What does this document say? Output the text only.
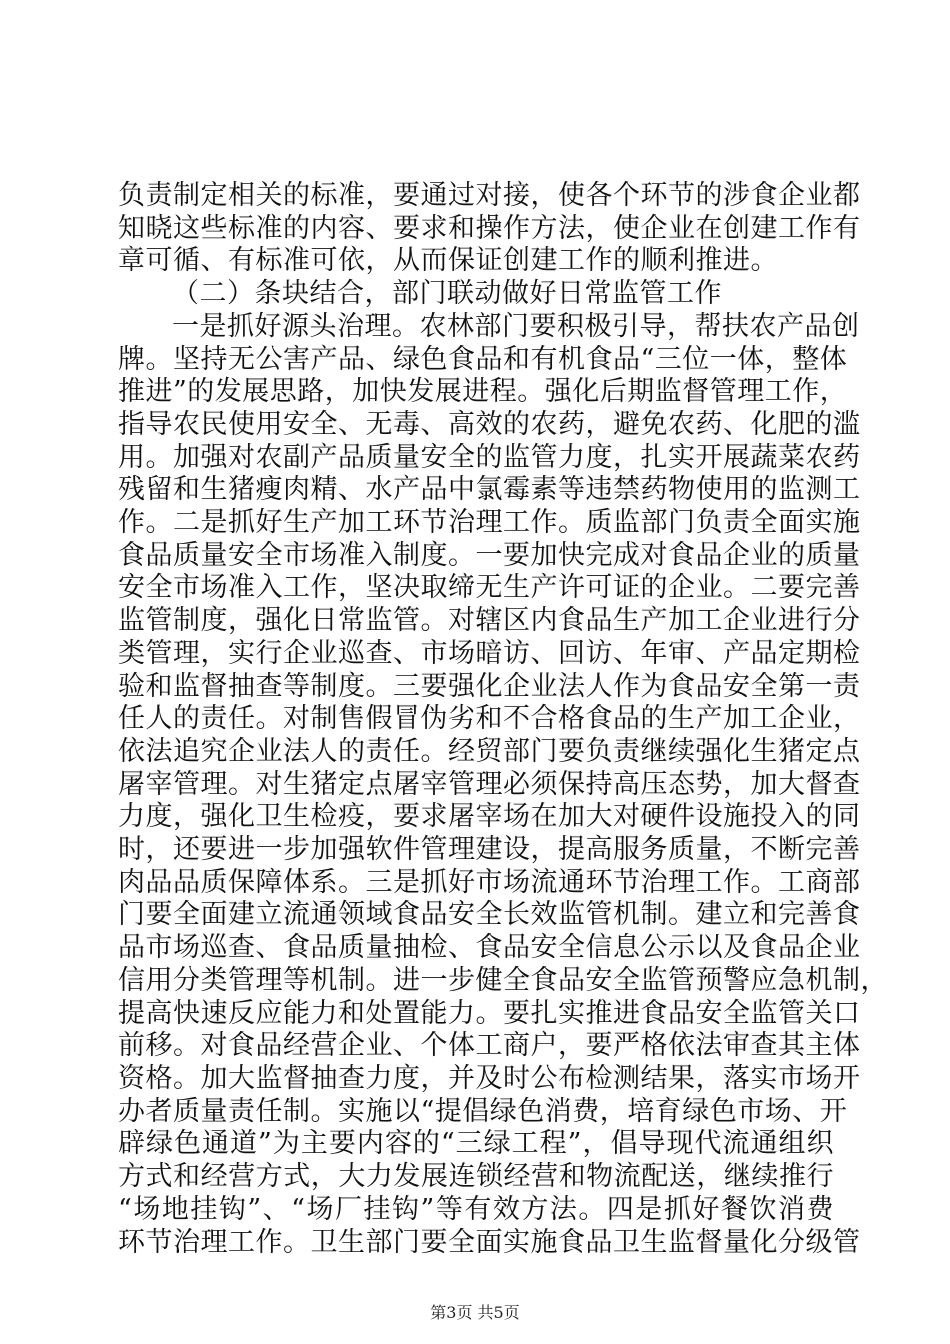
负责制定相关的标准，要通过对接，使各个环节的涉食企业都
知晓这些标准的内容、要求和操作方法，使企业在创建工作有
章可循、有标准可依，从而保证创建工作的顺利推进。
（二）条块结合，部门联动做好日常监管工作
一是抓好源头治理。农林部门要积极引导，帮扶农产品创
牌。坚持无公害产品、绿色食品和有机食品“三位一体，整体
推进”的发展思路，加快发展进程。强化后期监督管理工作，
指导农民使用安全、无毒、高效的农药，避免农药、化肥的滥
用。加强对农副产品质量安全的监管力度，扎实开展蔬菜农药
残留和生猪瘦肉精、水产品中氯霉素等违禁药物使用的监测工
作。二是抓好生产加工环节治理工作。质监部门负责全面实施
食品质量安全市场准入制度。一要加快完成对食品企业的质量
安全市场准入工作，坚决取缔无生产许可证的企业。二要完善
监管制度，强化日常监管。对辖区内食品生产加工企业进行分
类管理，实行企业巡查、市场暗访、回访、年审、产品定期检
验和监督抽查等制度。三要强化企业法人作为食品安全第一责
任人的责任。对制售假冒伪劣和不合格食品的生产加工企业，
依法追究企业法人的责任。经贸部门要负责继续强化生猪定点
屠宰管理。对生猪定点屠宰管理必须保持高压态势，加大督查
力度，强化卫生检疫，要求屠宰场在加大对硬件设施投入的同
时，还要进一步加强软件管理建设，提高服务质量，不断完善
肉品品质保障体系。三是抓好市场流通环节治理工作。工商部
门要全面建立流通领域食品安全长效监管机制。建立和完善食
品市场巡查、食品质量抽检、食品安全信息公示以及食品企业
信用分类管理等机制。进一步健全食品安全监管预警应急机制，
提高快速反应能力和处置能力。要扎实推进食品安全监管关口
前移。对食品经营企业、个体工商户，要严格依法审查其主体
资格。加大监督抽查力度，并及时公布检测结果，落实市场开
办者质量责任制。实施以“提倡绿色消费，培育绿色市场、开
辟绿色通道”为主要内容的“三绿工程”，倡导现代流通组织
方式和经营方式，大力发展连锁经营和物流配送，继续推行
“场地挂钩”、“场厂挂钩”等有效方法。四是抓好餐饮消费
环节治理工作。卫生部门要全面实施食品卫生监督量化分级管
第3页 共5页
